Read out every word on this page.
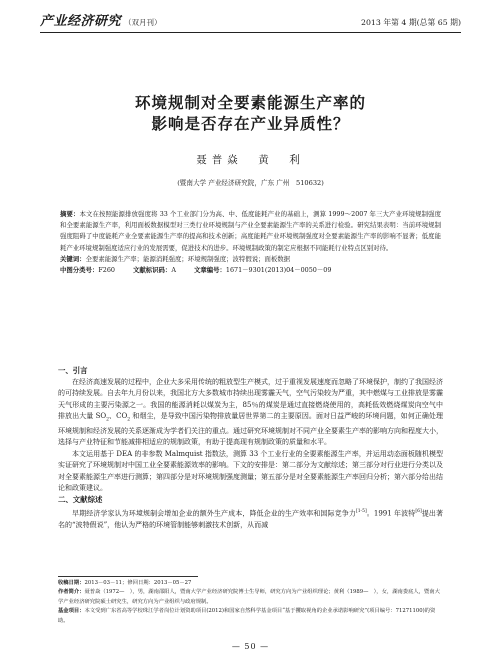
产业经济研究 （双月刊）	2013 年第 4 期(总第 65 期)
环境规制对全要素能源生产率的
影响是否存在产业异质性？
聂普焱　黄　利
(暨南大学 产业经济研究院，广东 广州　510632)

摘要：本文在按照能源排放强度将 33 个工业部门分为高、中、低度能耗产业的基础上，测算 1999～2007 年三大产业环境规制强度和全要素能源生产率，利用面板数据模型对三类行业环境规制与产业全要素能源生产率的关系进行检验。研究结果表明：当前环境规制强度阻碍了中度能耗产业全要素能源生产率的提高和技术创新；高度能耗产业环境规制强度对全要素能源生产率的影响不显著；低度能耗产业环境规制强度适应行业的发展需要，促进技术的进步。环境规制政策的制定应根据不同能耗行业特点区别对待。

关键词：全要素能源生产率；能源消耗强度；环境规制强度；波特假说；面板数据

中图分类号：F260	文献标识码：A	文章编号：1671－9301(2013)04－0050－09

一、引言

在经济高速发展的过程中，企业大多采用传统的粗放型生产模式，过于重视发展速度而忽略了环境保护，制约了我国经济的可持续发展。自去年九月份以来，我国北方大多数城市持续出现雾霾天气，空气污染较为严重，其中燃煤与工业排放是雾霾天气形成的主要污染源之一。我国的能源消耗以煤炭为主，85％的煤炭是通过直接燃烧使用的，高耗低效燃烧煤炭向空气中排放出大量 $SO_2$、$CO_2$ 和烟尘，是导致中国污染物排放量居世界第二的主要原因。面对日益严峻的环境问题，如何正确处理环境规制和经济发展的关系逐渐成为学者们关注的重点。通过研究环境规制对不同产业全要素生产率的影响方向和程度大小，选择与产业特征和节能减排相适应的规制政策，有助于提高现有规制政策的质量和水平。

本文运用基于 DEA 的非参数 Malmquist 指数法，测算 33 个工业行业的全要素能源生产率，并运用动态面板随机模型实证研究了环境规制对中国工业全要素能源效率的影响。下文的安排是：第二部分为文献综述；第三部分对行业进行分类以及对全要素能源生产率进行测算；第四部分是对环境规制强度测量；第五部分是对全要素能源生产率回归分析；第六部分给出结论和政策建议。

二、文献综述

早期经济学家认为环境规制会增加企业的额外生产成本，降低企业的生产效率和国际竞争力[1-5]。1991 年波特[6]提出著名的“波特假说”，他认为严格的环境管制能够刺激技术创新，从而减

收稿日期：2013－03－11；修回日期：2013－05－27

作者简介：聂普焱（1972—　），男，湖南邵阳人，暨南大学产业经济研究院博士生导师，研究方向为产业组织理论；黄利（1989—　），女，湖南娄底人，暨南大学产业经济研究院硕士研究生，研究方向为产业组织与政府规制。

基金项目：本文受到广东省高等学校珠江学者岗位计划资助项目(2012)和国家自然科学基金项目“基于攫取视角的企业承诺影响研究”(项目编号：71271100)的资助。

— 50 —
